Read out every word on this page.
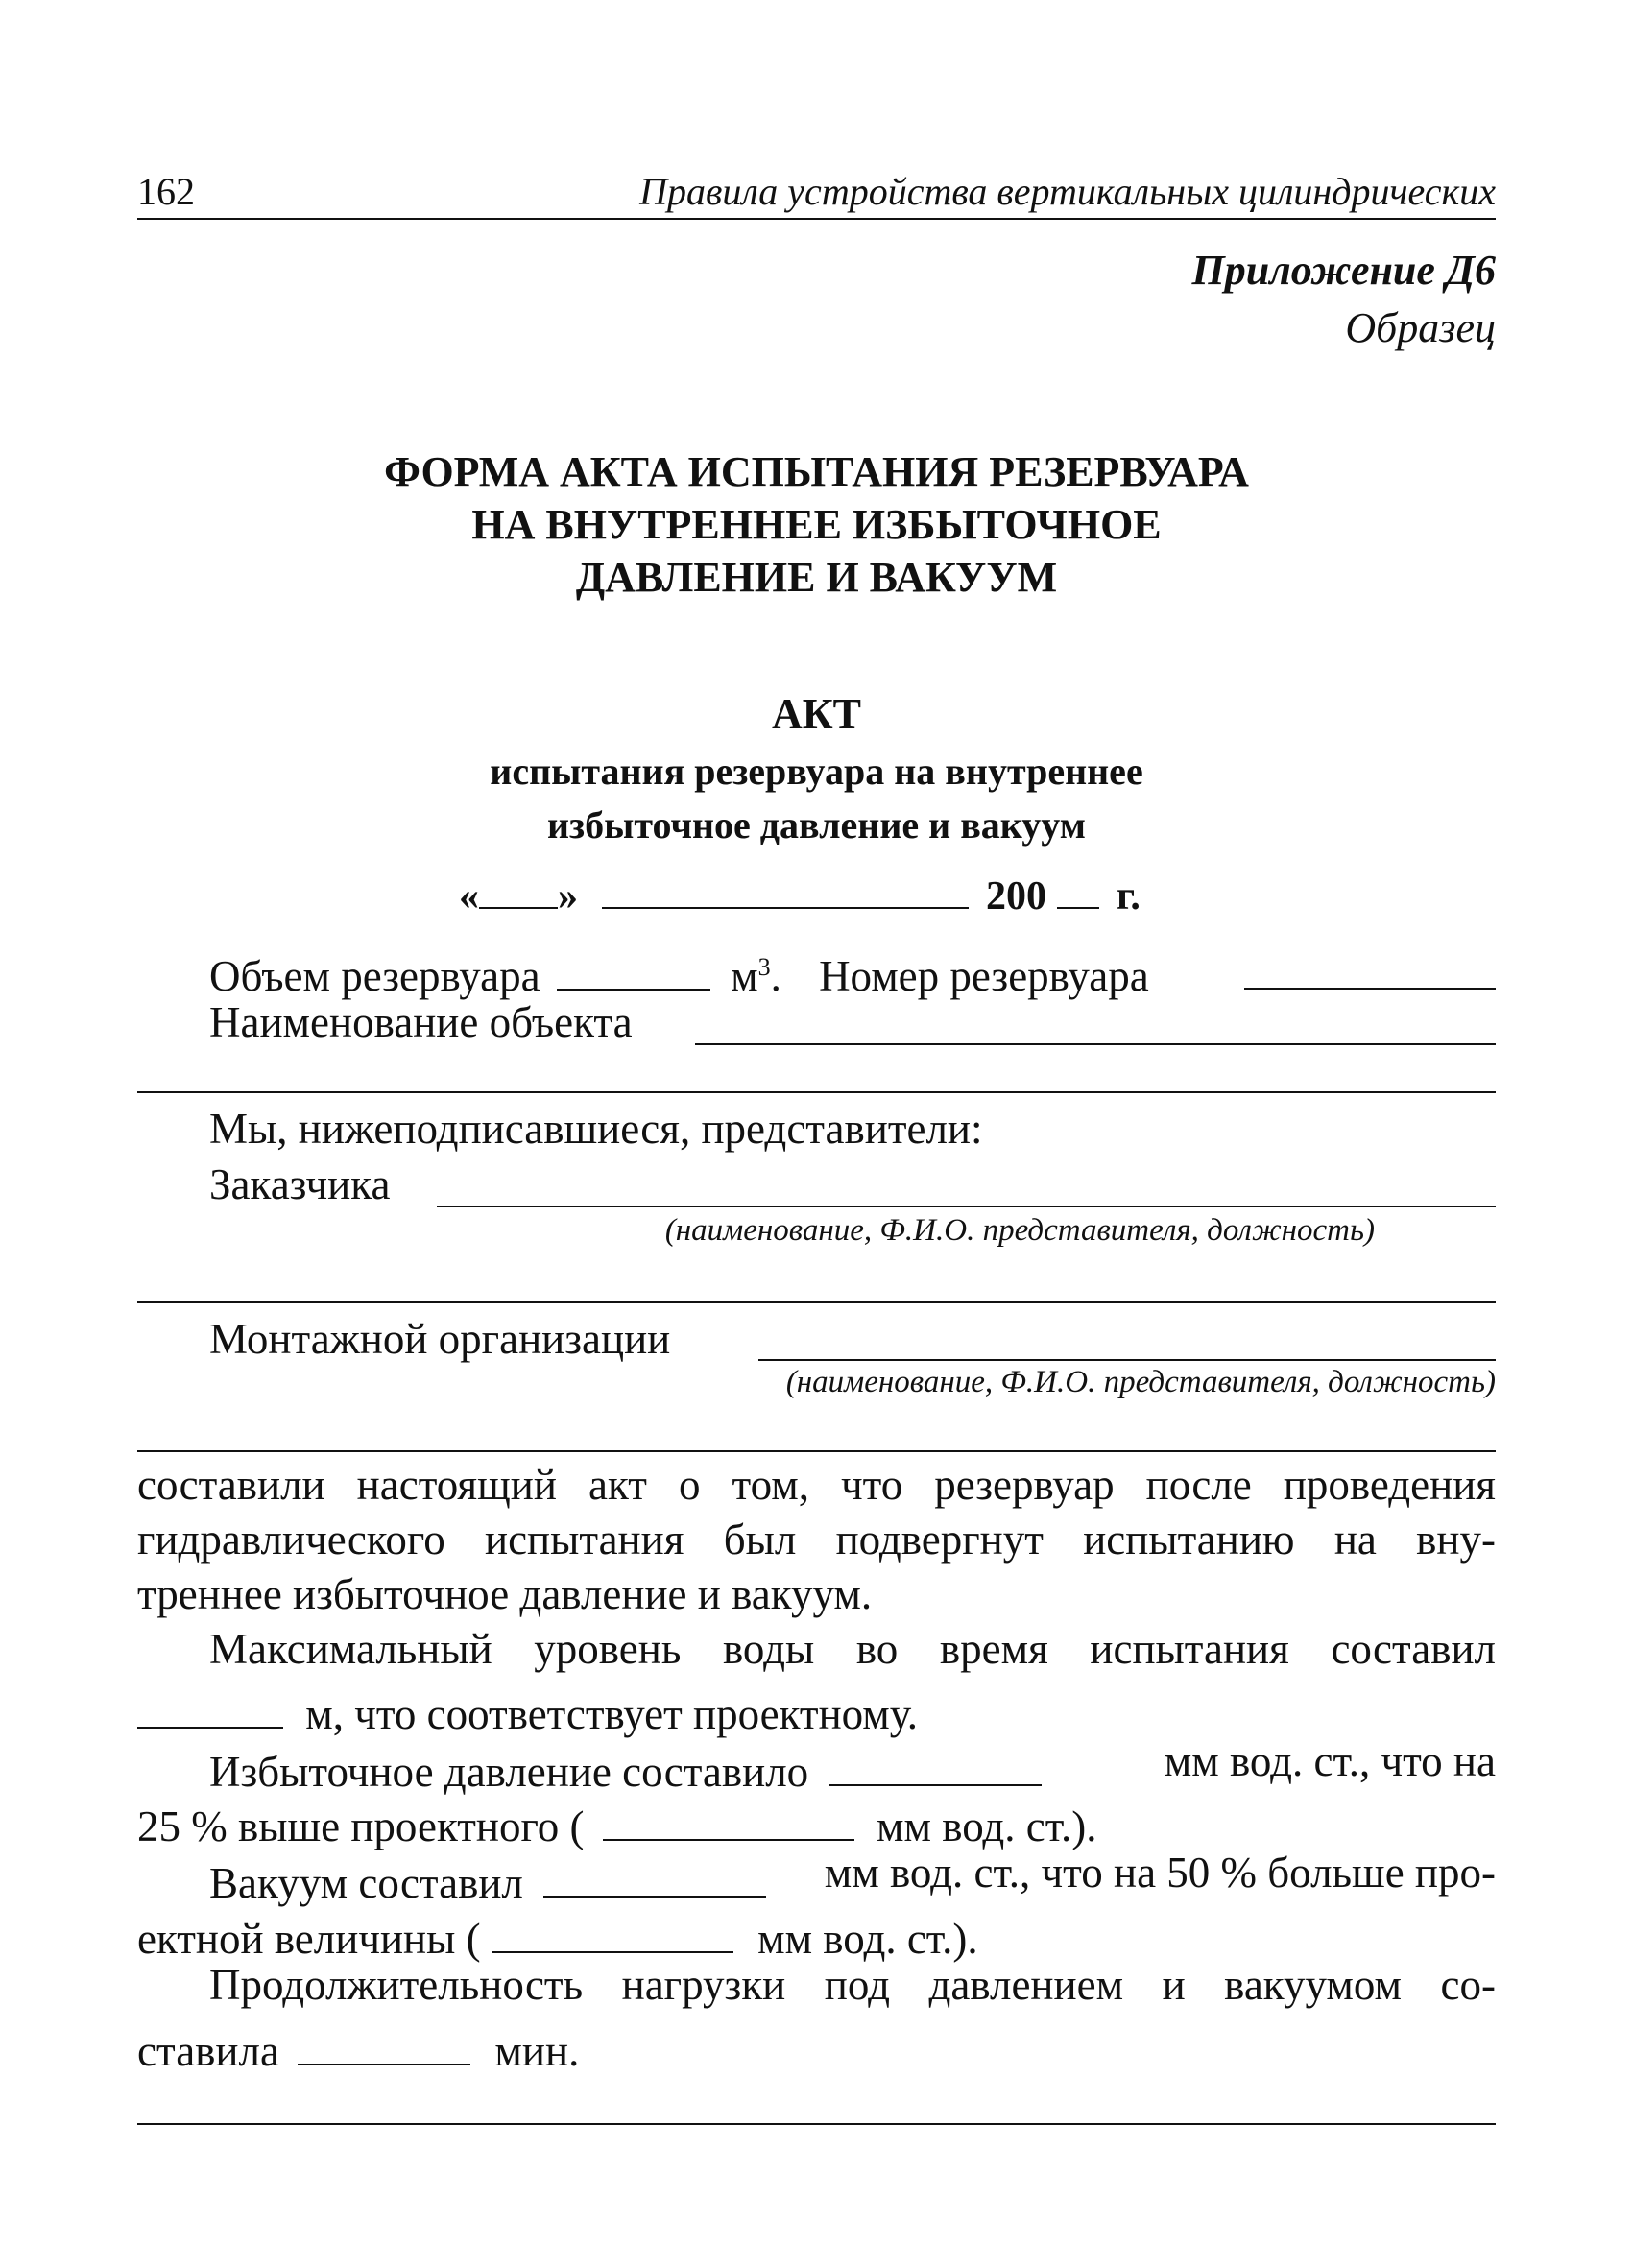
162	Правила устройства вертикальных цилиндрических
Приложение Д6
Образец
ФОРМА АКТА ИСПЫТАНИЯ РЕЗЕРВУАРА
НА ВНУТРЕННЕЕ ИЗБЫТОЧНОЕ
ДАВЛЕНИЕ И ВАКУУМ
АКТ
испытания резервуара на внутреннее
избыточное давление и вакуум
« »	200 г.
Объем резервуара	$м^3$. Номер резервуара
Наименование объекта
Мы, нижеподписавшиеся, представители:
Заказчика
(наименование, Ф.И.О. представителя, должность)
Монтажной организации
(наименование, Ф.И.О. представителя, должность)
составили настоящий акт о том, что резервуар после проведения
гидравлического испытания был подвергнут испытанию на вну-
треннее избыточное давление и вакуум.
Максимальный уровень воды во время испытания составил
м, что соответствует проектному.
Избыточное давление составило	мм вод. ст., что на
25 % выше проектного (	мм вод. ст.).
Вакуум составил	мм вод. ст., что на 50 % больше про-
ектной величины (	мм вод. ст.).
Продолжительность нагрузки под давлением и вакуумом со-
ставила	мин.
